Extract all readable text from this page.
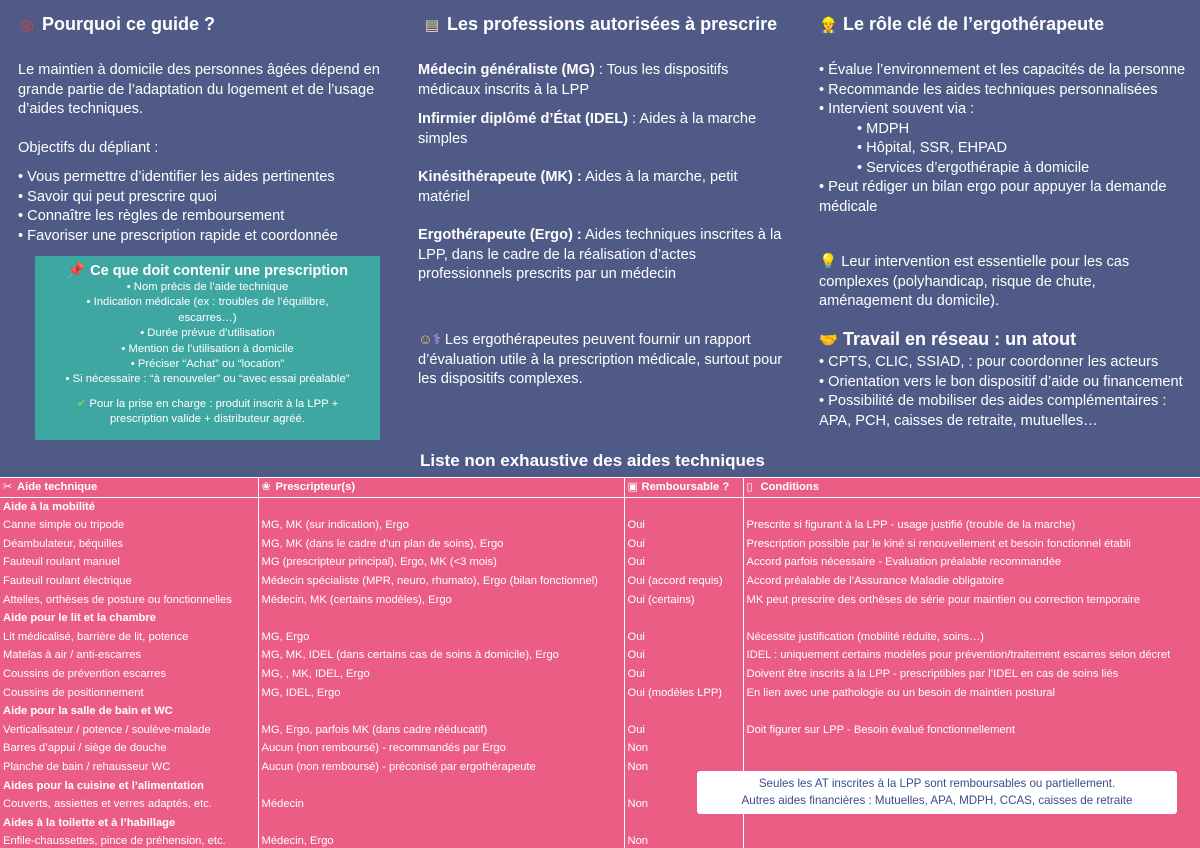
◎ Pourquoi ce guide ?
Le maintien à domicile des personnes âgées dépend en grande partie de l’adaptation du logement et de l’usage d’aides techniques.
Objectifs du dépliant :
• Vous permettre d’identifier les aides pertinentes
• Savoir qui peut prescrire quoi
• Connaître les règles de remboursement
• Favoriser une prescription rapide et coordonnée
📌 Ce que doit contenir une prescription
• Nom précis de l’aide technique
• Indication médicale (ex : troubles de l’équilibre,
escarres…)
• Durée prévue d’utilisation
• Mention de l’utilisation à domicile
• Préciser “Achat” ou “location”
• Si nécessaire : “à renouveler” ou “avec essai préalable”
✔ Pour la prise en charge : produit inscrit à la LPP +
prescription valide + distributeur agréé.
▤ Les professions autorisées à prescrire
Médecin généraliste (MG) : Tous les dispositifs médicaux inscrits à la LPP
Infirmier diplômé d’État (IDEL) : Aides à la marche simples
Kinésithérapeute (MK) : Aides à la marche, petit matériel
Ergothérapeute (Ergo) : Aides techniques inscrites à la LPP, dans le cadre de la réalisation d’actes professionnels prescrits par un médecin
☺⚕ Les ergothérapeutes peuvent fournir un rapport d’évaluation utile à la prescription médicale, surtout pour les dispositifs complexes.
👷 Le rôle clé de l’ergothérapeute
• Évalue l’environnement et les capacités de la personne
• Recommande les aides techniques personnalisées
• Intervient souvent via :
• MDPH
• Hôpital, SSR, EHPAD
• Services d’ergothérapie à domicile
• Peut rédiger un bilan ergo pour appuyer la demande médicale
💡 Leur intervention est essentielle pour les cas complexes (polyhandicap, risque de chute, aménagement du domicile).
🤝 Travail en réseau : un atout
• CPTS, CLIC, SSIAD, : pour coordonner les acteurs
• Orientation vers le bon dispositif d’aide ou financement
• Possibilité de mobiliser des aides complémentaires : APA, PCH, caisses de retraite, mutuelles…
Liste non exhaustive des aides techniques
✂ Aide technique	❀ Prescripteur(s)	▣ Remboursable ?	▯ Conditions
Aide à la mobilité			
Canne simple ou tripode	MG, MK (sur indication), Ergo	Oui	Prescrite si figurant à la LPP - usage justifié (trouble de la marche)
Déambulateur, béquilles	MG, MK (dans le cadre d’un plan de soins), Ergo	Oui	Prescription possible par le kiné si renouvellement et besoin fonctionnel établi
Fauteuil roulant manuel	MG (prescripteur principal), Ergo, MK (<3 mois)	Oui	Accord parfois nécessaire - Evaluation préalable recommandée
Fauteuil roulant électrique	Médecin spécialiste (MPR, neuro, rhumato), Ergo (bilan fonctionnel)	Oui (accord requis)	Accord préalable de l’Assurance Maladie obligatoire
Attelles, orthèses de posture ou fonctionnelles	Médecin, MK (certains modèles), Ergo	Oui (certains)	MK peut prescrire des orthèses de série pour maintien ou correction temporaire
Aide pour le lit et la chambre			
Lit médicalisé, barrière de lit, potence	MG, Ergo	Oui	Nécessite justification (mobilité réduite, soins…)
Matelas à air / anti-escarres	MG, MK, IDEL (dans certains cas de soins à domicile), Ergo	Oui	IDEL : uniquement certains modèles pour prévention/traitement escarres selon décret
Coussins de prévention escarres	MG, , MK, IDEL, Ergo	Oui	Doivent être inscrits à la LPP - prescriptibles par l’IDEL en cas de soins liés
Coussins de positionnement	MG, IDEL, Ergo	Oui (modèles LPP)	En lien avec une pathologie ou un besoin de maintien postural
Aide pour la salle de bain et WC			
Verticalisateur / potence / soulève-malade	MG, Ergo, parfois MK (dans cadre rééducatif)	Oui	Doit figurer sur LPP - Besoin évalué fonctionnellement
Barres d’appui / siège de douche	Aucun (non remboursé) - recommandés par Ergo	Non	
Planche de bain / rehausseur WC	Aucun (non remboursé) - préconisé par ergothérapeute	Non	
Aides pour la cuisine et l’alimentation			
Couverts, assiettes et verres adaptés, etc.	Médecin	Non	
Aides à la toilette et à l’habillage			
Enfile-chaussettes, pince de préhension, etc.	Médecin, Ergo	Non	
Seules les AT inscrites à la LPP sont remboursables ou partiellement.
Autres aides financières : Mutuelles, APA, MDPH, CCAS, caisses de retraite
